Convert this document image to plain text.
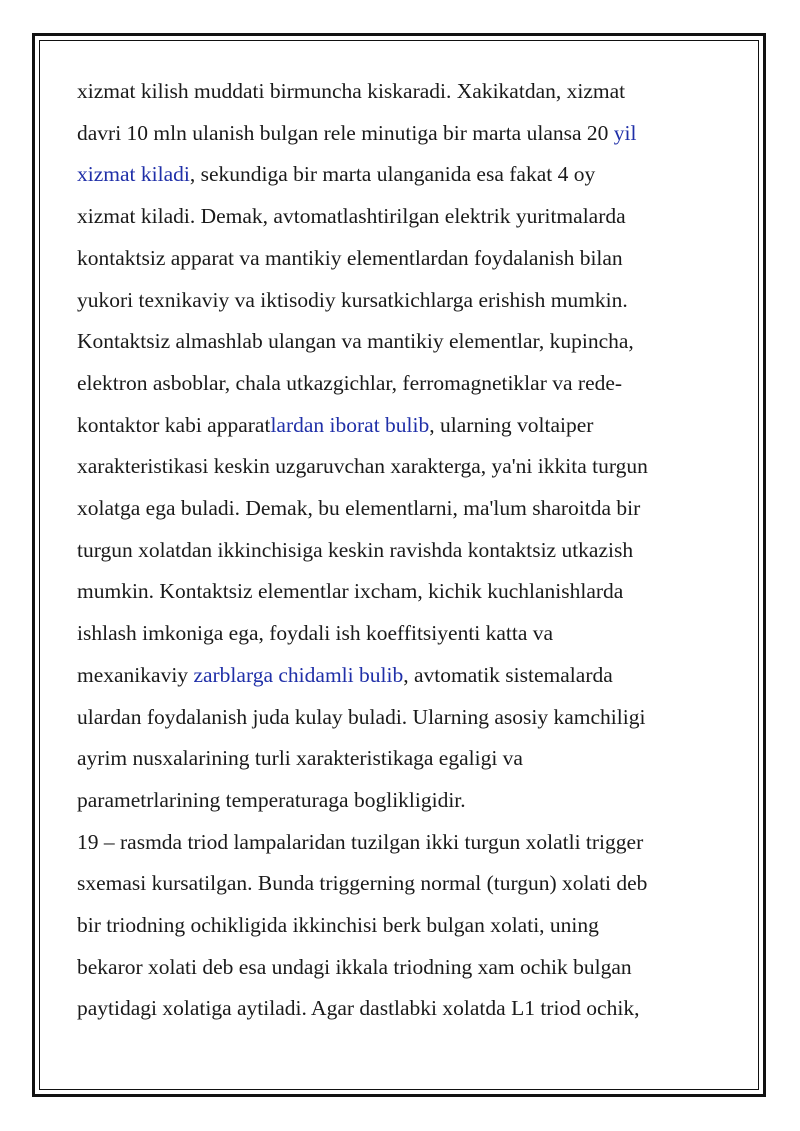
xizmat kilish muddati birmuncha kiskaradi. Xakikatdan, xizmat
davri 10 mln ulanish bulgan rele minutiga bir marta ulansa 20 yil
xizmat kiladi, sekundiga bir marta ulanganida esa fakat 4 oy
xizmat kiladi. Demak, avtomatlashtirilgan elektrik yuritmalarda
kontaktsiz apparat va mantikiy elementlardan foydalanish bilan
yukori texnikaviy va iktisodiy kursatkichlarga erishish mumkin.
Kontaktsiz almashlab ulangan va mantikiy elementlar, kupincha,
elektron asboblar, chala utkazgichlar, ferromagnetiklar va rede-
kontaktor kabi apparatlardan iborat bulib, ularning voltaiper
xarakteristikasi keskin uzgaruvchan xarakterga, ya'ni ikkita turgun
xolatga ega buladi. Demak, bu elementlarni, ma'lum sharoitda bir
turgun xolatdan ikkinchisiga keskin ravishda kontaktsiz utkazish
mumkin. Kontaktsiz elementlar ixcham, kichik kuchlanishlarda
ishlash imkoniga ega, foydali ish koeffitsiyenti katta va
mexanikaviy zarblarga chidamli bulib, avtomatik sistemalarda
ulardan foydalanish juda kulay buladi. Ularning asosiy kamchiligi
ayrim nusxalarining turli xarakteristikaga egaligi va
parametrlarining temperaturaga boglikligidir.
19 – rasmda triod lampalaridan tuzilgan ikki turgun xolatli trigger
sxemasi kursatilgan. Bunda triggerning normal (turgun) xolati deb
bir triodning ochikligida ikkinchisi berk bulgan xolati, uning
bekaror xolati deb esa undagi ikkala triodning xam ochik bulgan
paytidagi xolatiga aytiladi. Agar dastlabki xolatda L1 triod ochik,
